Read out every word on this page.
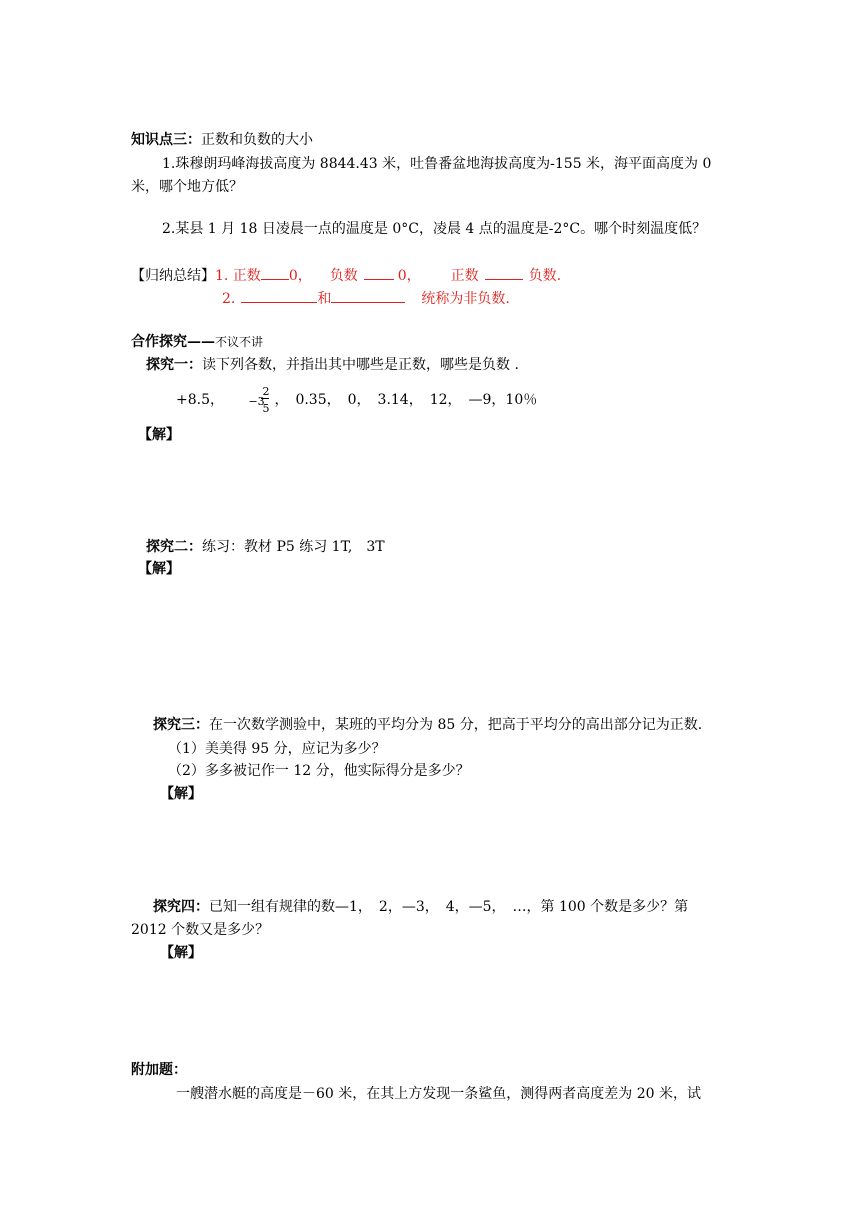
知识点三：正数和负数的大小
1.珠穆朗玛峰海拔高度为 8844.43 米，吐鲁番盆地海拔高度为-155 米，海平面高度为 0
米，哪个地方低？
2.某县 1 月 18 日凌晨一点的温度是 0°C，凌晨 4 点的温度是-2°C。哪个时刻温度低？
【归纳总结】1. 正数 0， 负数	0， 正数	负数.
2.	和	统称为非负数.
合作探究——不议不讲
探究一：读下列各数，并指出其中哪些是正数，哪些是负数 .
+8.5， −3
2
5
，　0.35，　0，　3.14，　12，　—9，10％
【解】
探究二：练习：教材 P5 练习 1T,　3T
【解】
探究三：在一次数学测验中，某班的平均分为 85 分，把高于平均分的高出部分记为正数.
（1）美美得 95 分，应记为多少？
（2）多多被记作一 12 分，他实际得分是多少？
【解】
探究四：已知一组有规律的数—1，　2，—3，　4，—5，　…，第 100 个数是多少？第
2012 个数又是多少？
【解】
附加题：
一艘潜水艇的高度是－60 米，在其上方发现一条鲨鱼，测得两者高度差为 20 米，试
